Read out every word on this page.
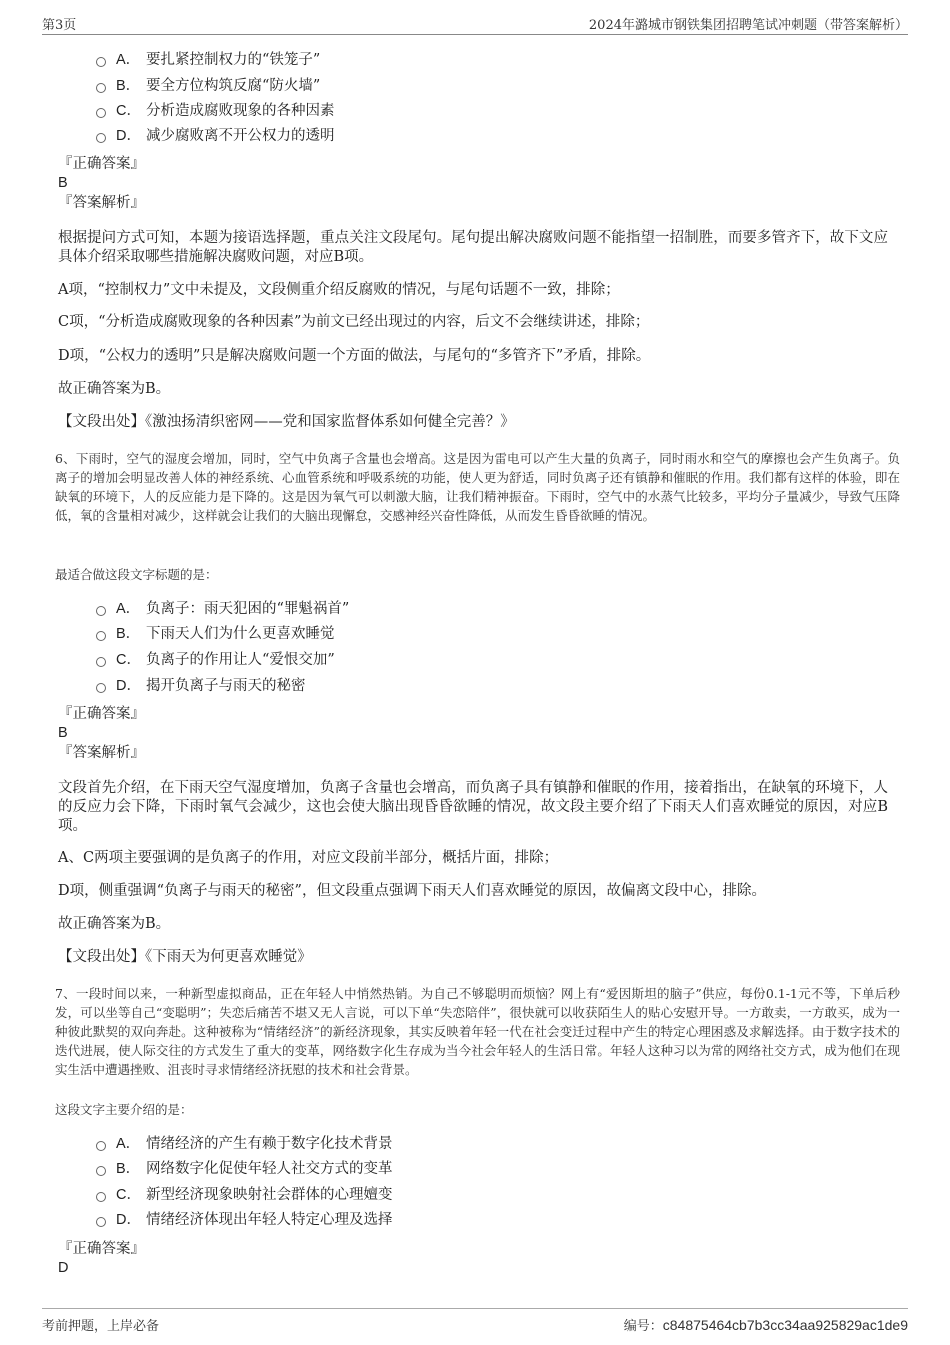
第3页	2024年潞城市钢铁集团招聘笔试冲刺题（带答案解析）
A． 要扎紧控制权力的“铁笼子”
B． 要全方位构筑反腐“防火墙”
C． 分析造成腐败现象的各种因素
D． 减少腐败离不开公权力的透明
『正确答案』
B
『答案解析』
根据提问方式可知，本题为接语选择题，重点关注文段尾句。尾句提出解决腐败问题不能指望一招制胜，而要多管齐下，故下文应具体介绍采取哪些措施解决腐败问题，对应B项。
A项，“控制权力”文中未提及，文段侧重介绍反腐败的情况，与尾句话题不一致，排除；
C项，“分析造成腐败现象的各种因素”为前文已经出现过的内容，后文不会继续讲述，排除；
D项，“公权力的透明”只是解决腐败问题一个方面的做法，与尾句的“多管齐下”矛盾，排除。
故正确答案为B。
【文段出处】《激浊扬清织密网——党和国家监督体系如何健全完善？》
6、下雨时，空气的湿度会增加，同时，空气中负离子含量也会增高。这是因为雷电可以产生大量的负离子，同时雨水和空气的摩擦也会产生负离子。负离子的增加会明显改善人体的神经系统、心血管系统和呼吸系统的功能，使人更为舒适，同时负离子还有镇静和催眠的作用。我们都有这样的体验，即在缺氧的环境下，人的反应能力是下降的。这是因为氧气可以刺激大脑，让我们精神振奋。下雨时，空气中的水蒸气比较多，平均分子量减少，导致气压降低，氧的含量相对减少，这样就会让我们的大脑出现懈怠，交感神经兴奋性降低，从而发生昏昏欲睡的情况。
最适合做这段文字标题的是：
A． 负离子：雨天犯困的“罪魁祸首”
B． 下雨天人们为什么更喜欢睡觉
C． 负离子的作用让人“爱恨交加”
D． 揭开负离子与雨天的秘密
『正确答案』
B
『答案解析』
文段首先介绍，在下雨天空气湿度增加，负离子含量也会增高，而负离子具有镇静和催眠的作用，接着指出，在缺氧的环境下，人的反应力会下降，下雨时氧气会减少，这也会使大脑出现昏昏欲睡的情况，故文段主要介绍了下雨天人们喜欢睡觉的原因，对应B项。
A、C两项主要强调的是负离子的作用，对应文段前半部分，概括片面，排除；
D项，侧重强调“负离子与雨天的秘密”，但文段重点强调下雨天人们喜欢睡觉的原因，故偏离文段中心，排除。
故正确答案为B。
【文段出处】《下雨天为何更喜欢睡觉》
7、一段时间以来，一种新型虚拟商品，正在年轻人中悄然热销。为自己不够聪明而烦恼？网上有“爱因斯坦的脑子”供应，每份0.1-1元不等，下单后秒发，可以坐等自己“变聪明”；失恋后痛苦不堪又无人言说，可以下单“失恋陪伴”，很快就可以收获陌生人的贴心安慰开导。一方敢卖，一方敢买，成为一种彼此默契的双向奔赴。这种被称为“情绪经济”的新经济现象，其实反映着年轻一代在社会变迁过程中产生的特定心理困惑及求解选择。由于数字技术的迭代进展，使人际交往的方式发生了重大的变革，网络数字化生存成为当今社会年轻人的生活日常。年轻人这种习以为常的网络社交方式，成为他们在现实生活中遭遇挫败、沮丧时寻求情绪经济抚慰的技术和社会背景。
这段文字主要介绍的是：
A． 情绪经济的产生有赖于数字化技术背景
B． 网络数字化促使年轻人社交方式的变革
C． 新型经济现象映射社会群体的心理嬗变
D． 情绪经济体现出年轻人特定心理及选择
『正确答案』
D
考前押题，上岸必备	编号：c84875464cb7b3cc34aa925829ac1de9
